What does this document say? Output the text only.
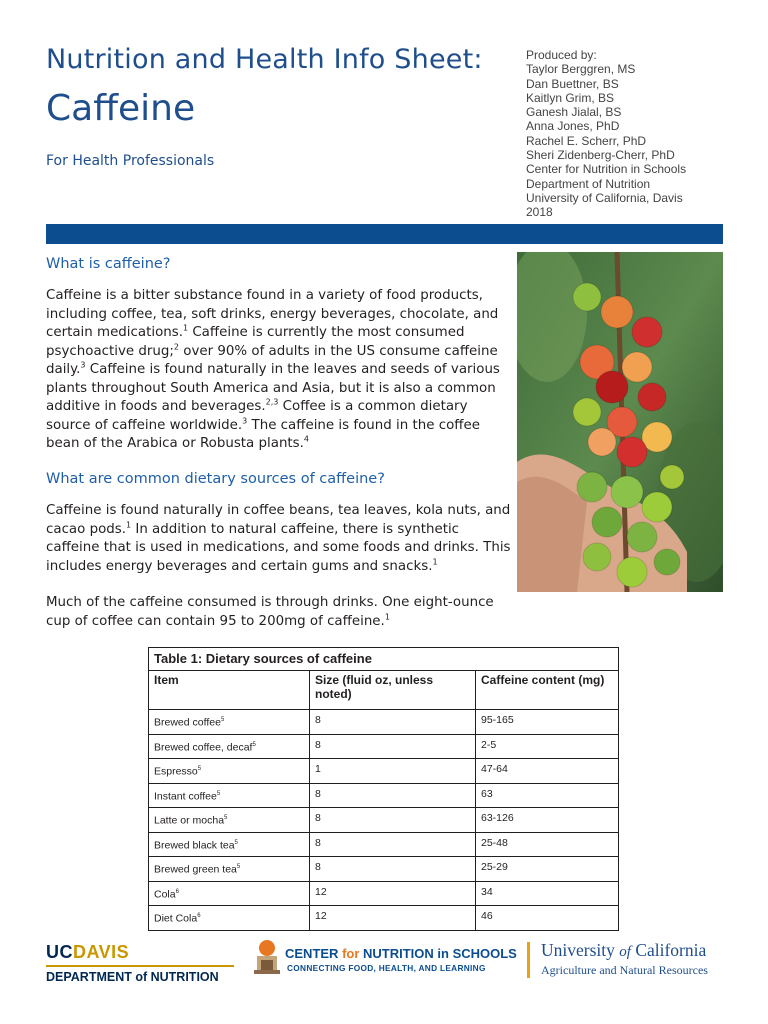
Nutrition and Health Info Sheet:
Caffeine
For Health Professionals
Produced by:
Taylor Berggren, MS
Dan Buettner, BS
Kaitlyn Grim, BS
Ganesh Jialal, BS
Anna Jones, PhD
Rachel E. Scherr, PhD
Sheri Zidenberg-Cherr, PhD
Center for Nutrition in Schools
Department of Nutrition
University of California, Davis
2018
What is caffeine?
Caffeine is a bitter substance found in a variety of food products, including coffee, tea, soft drinks, energy beverages, chocolate, and certain medications.$^1$ Caffeine is currently the most consumed psychoactive drug;$^2$ over 90% of adults in the US consume caffeine daily.$^3$ Caffeine is found naturally in the leaves and seeds of various plants throughout South America and Asia, but it is also a common additive in foods and beverages.$^{2,3}$ Coffee is a common dietary source of caffeine worldwide.$^3$ The caffeine is found in the coffee bean of the Arabica or Robusta plants.$^4$
What are common dietary sources of caffeine?
Caffeine is found naturally in coffee beans, tea leaves, kola nuts, and cacao pods.$^1$ In addition to natural caffeine, there is synthetic caffeine that is used in medications, and some foods and drinks. This includes energy beverages and certain gums and snacks.$^1$
Much of the caffeine consumed is through drinks. One eight-ounce cup of coffee can contain 95 to 200mg of caffeine.$^1$
Table 1: Dietary sources of caffeine		
Item	Size (fluid oz, unless noted)	Caffeine content (mg)
Brewed coffee$^5$	8	95-165
Brewed coffee, decaf$^5$	8	2-5
Espresso$^5$	1	47-64
Instant coffee$^5$	8	63
Latte or mocha$^5$	8	63-126
Brewed black tea$^5$	8	25-48
Brewed green tea$^5$	8	25-29
Cola$^6$	12	34
Diet Cola$^6$	12	46
UCDAVIS
DEPARTMENT of NUTRITION
CENTER for NUTRITION in SCHOOLS
CONNECTING FOOD, HEALTH, AND LEARNING
University of California
Agriculture and Natural Resources
